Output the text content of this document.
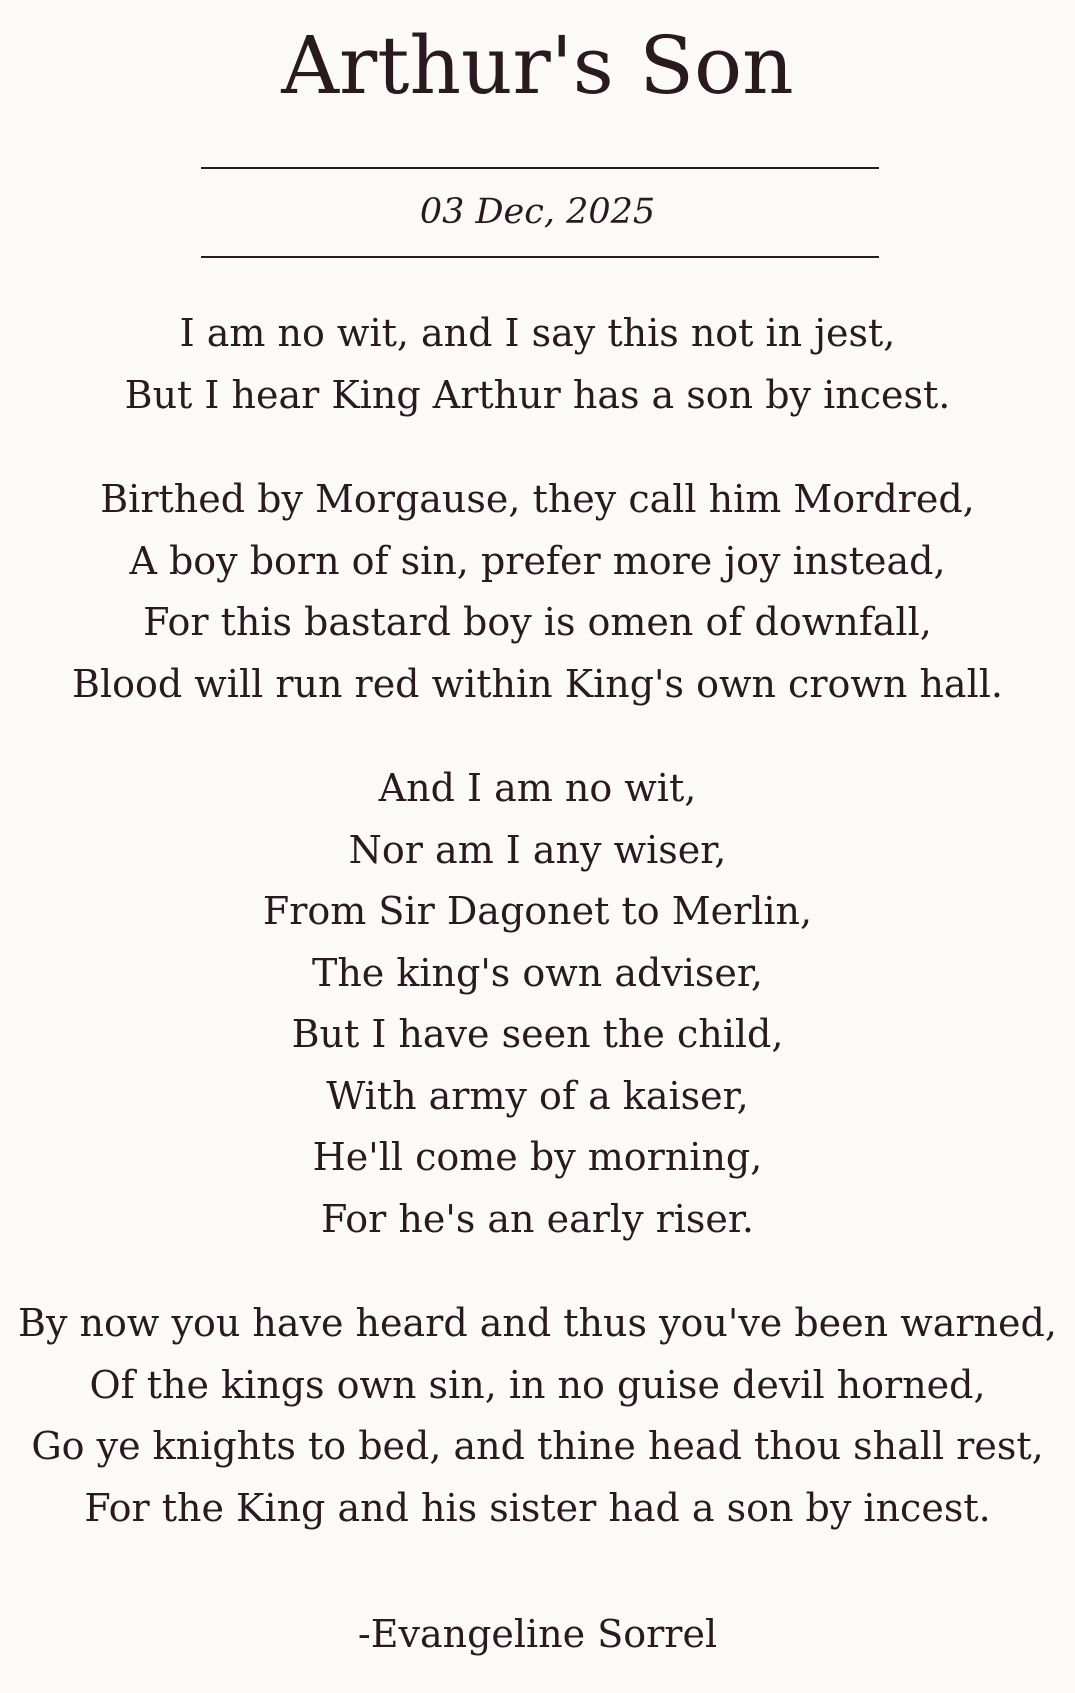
Arthur's Son
03 Dec, 2025
I am no wit, and I say this not in jest,
But I hear King Arthur has a son by incest.
Birthed by Morgause, they call him Mordred,
A boy born of sin, prefer more joy instead,
For this bastard boy is omen of downfall,
Blood will run red within King's own crown hall.
And I am no wit,
Nor am I any wiser,
From Sir Dagonet to Merlin,
The king's own adviser,
But I have seen the child,
With army of a kaiser,
He'll come by morning,
For he's an early riser.
By now you have heard and thus you've been warned,
Of the kings own sin, in no guise devil horned,
Go ye knights to bed, and thine head thou shall rest,
For the King and his sister had a son by incest.
-Evangeline Sorrel
